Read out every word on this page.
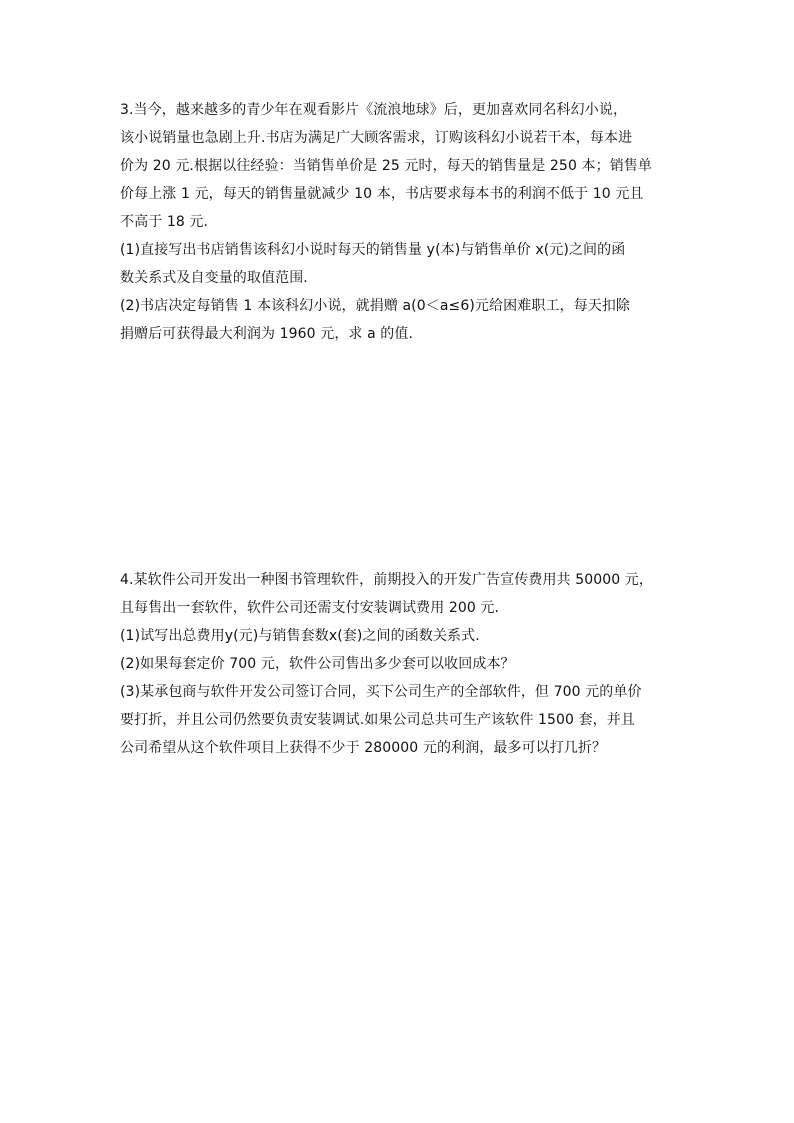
3.当今，越来越多的青少年在观看影片《流浪地球》后，更加喜欢同名科幻小说，
该小说销量也急剧上升.书店为满足广大顾客需求，订购该科幻小说若干本，每本进
价为 20 元.根据以往经验：当销售单价是 25 元时，每天的销售量是 250 本；销售单
价每上涨 1 元，每天的销售量就减少 10 本，书店要求每本书的利润不低于 10 元且
不高于 18 元.
(1)直接写出书店销售该科幻小说时每天的销售量 y(本)与销售单价 x(元)之间的函
数关系式及自变量的取值范围.
(2)书店决定每销售 1 本该科幻小说，就捐赠 a(0＜a≤6)元给困难职工，每天扣除
捐赠后可获得最大利润为 1960 元，求 a 的值.
4.某软件公司开发出一种图书管理软件，前期投入的开发广告宣传费用共 50000 元，
且每售出一套软件，软件公司还需支付安装调试费用 200 元.
(1)试写出总费用y(元)与销售套数x(套)之间的函数关系式.
(2)如果每套定价 700 元，软件公司售出多少套可以收回成本？
(3)某承包商与软件开发公司签订合同，买下公司生产的全部软件，但 700 元的单价
要打折，并且公司仍然要负责安装调试.如果公司总共可生产该软件 1500 套，并且
公司希望从这个软件项目上获得不少于 280000 元的利润，最多可以打几折？
